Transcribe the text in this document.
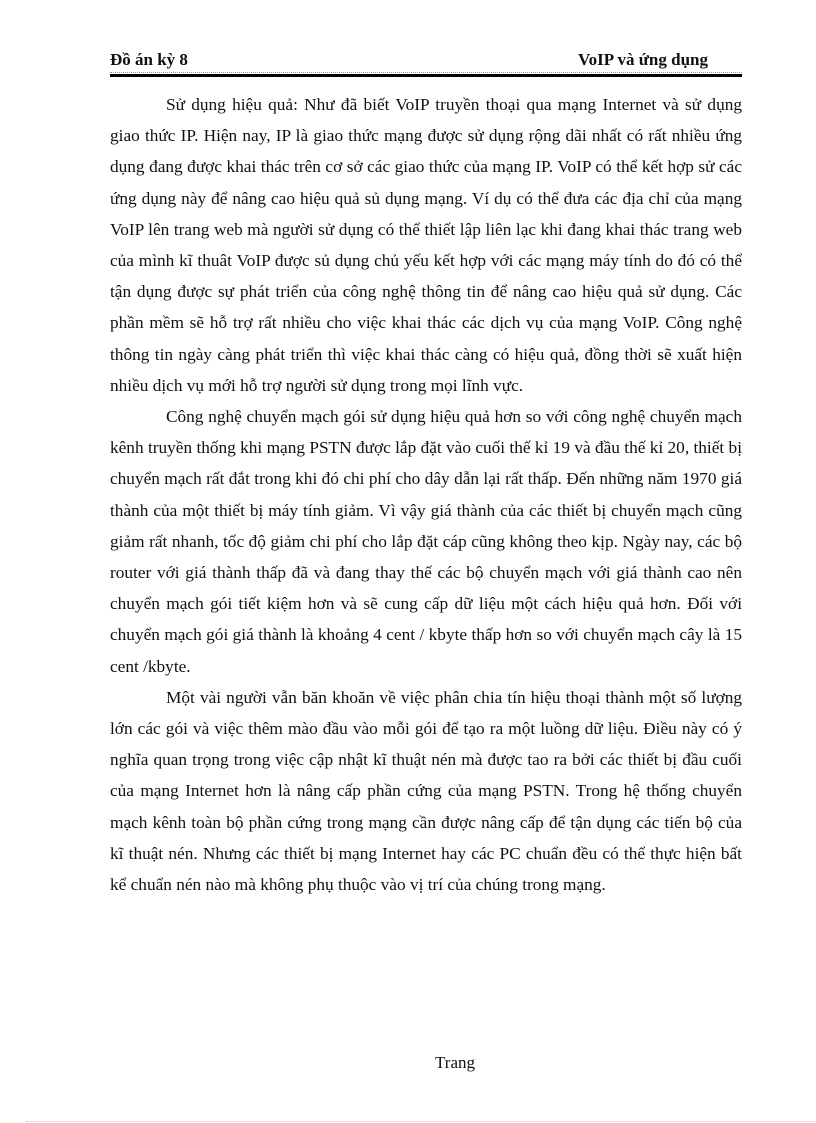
Đồ án kỳ 8	VoIP và ứng dụng

Sử dụng hiệu quả: Như đã biết VoIP truyền thoại qua mạng Internet và sử dụng giao thức IP. Hiện nay, IP là giao thức mạng được sử dụng rộng dãi nhất có rất nhiều ứng dụng đang được khai thác trên cơ sở các giao thức của mạng IP. VoIP có thể kết hợp sử các ứng dụng này để nâng cao hiệu quả sủ dụng mạng. Ví dụ có thể đưa các địa chỉ của mạng VoIP lên trang web mà người sử dụng có thể thiết lập liên lạc khi đang khai thác trang web của mình kĩ thuât VoIP được sủ dụng chủ yếu kết hợp với các mạng máy tính do đó có thể tận dụng được sự phát triển của công nghệ thông tin để nâng cao hiệu quả sử dụng. Các phần mềm sẽ hỗ trợ rất nhiều cho việc khai thác các dịch vụ của mạng VoIP. Công nghệ thông tin ngày càng phát triển thì việc khai thác càng có hiệu quả, đồng thời sẽ xuất hiện nhiều dịch vụ mới hỗ trợ người sử dụng trong mọi lĩnh vực.

Công nghệ chuyển mạch gói sử dụng hiệu quả hơn so với công nghệ chuyển mạch kênh truyền thống khi mạng PSTN được lắp đặt vào cuối thế kỉ 19 và đầu thế kỉ 20, thiết bị chuyển mạch rất đắt trong khi đó chi phí cho dây dẫn lại rất thấp. Đến những năm 1970 giá thành của một thiết bị máy tính giảm. Vì vậy giá thành của các thiết bị chuyển mạch cũng giảm rất nhanh, tốc độ giảm chi phí cho lắp đặt cáp cũng không theo kịp. Ngày nay, các bộ router với giá thành thấp đã và đang thay thế các bộ chuyển mạch với giá thành cao nên chuyển mạch gói tiết kiệm hơn và sẽ cung cấp dữ liệu một cách hiệu quả hơn. Đối với chuyển mạch gói giá thành là khoảng 4 cent / kbyte thấp hơn so với chuyển mạch cây là 15 cent /kbyte.

Một vài người vẫn băn khoăn về việc phân chia tín hiệu thoại thành một số lượng lớn các gói và việc thêm mào đầu vào mỗi gói để tạo ra một luồng dữ liệu. Điều này có ý nghĩa quan trọng trong việc cập nhật kĩ thuật nén mà được tao ra bởi các thiết bị đầu cuối của mạng Internet hơn là nâng cấp phần cứng của mạng PSTN. Trong hệ thống chuyển mạch kênh toàn bộ phần cứng trong mạng cần được nâng cấp để tận dụng các tiến bộ của kĩ thuật nén. Nhưng các thiết bị mạng Internet hay các PC chuẩn đều có thể thực hiện bất kể chuẩn nén nào mà không phụ thuộc vào vị trí của chúng trong mạng.

Trang
